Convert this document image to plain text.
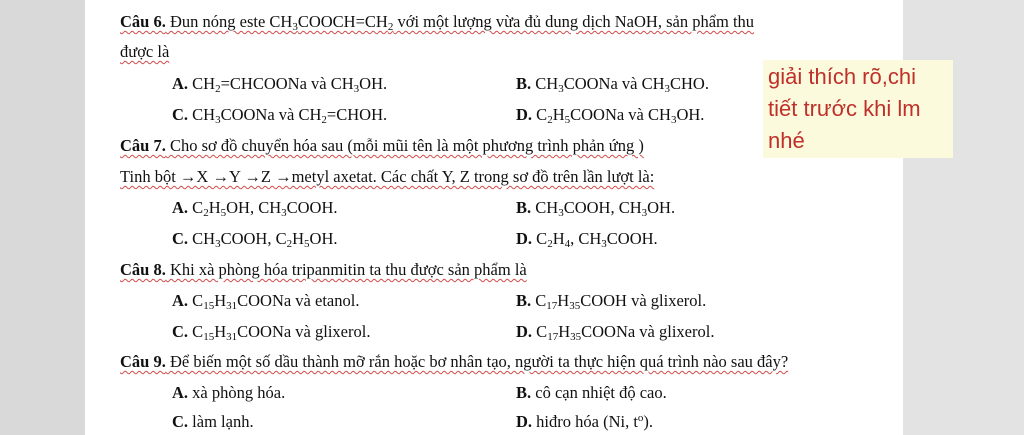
Câu 6. Đun nóng este $CH_3COOCH=CH_2$ với một lượng vừa đủ dung dịch NaOH, sản phẩm thu
được là
A. $CH_2=CHCOONa$ và $CH_3OH$.	B. $CH_3COONa$ và $CH_3CHO$.
C. $CH_3COONa$ và $CH_2=CHOH$.	D. $C_2H_5COONa$ và $CH_3OH$.
Câu 7. Cho sơ đồ chuyển hóa sau (mỗi mũi tên là một phương trình phản ứng )
Tinh bột →X →Y →Z →metyl axetat. Các chất Y, Z trong sơ đồ trên lần lượt là:
A. $C_2H_5OH$, $CH_3COOH$.	B. $CH_3COOH$, $CH_3OH$.
C. $CH_3COOH$, $C_2H_5OH$.	D. $C_2H_4$, $CH_3COOH$.
Câu 8. Khi xà phòng hóa tripanmitin ta thu được sản phẩm là
A. $C_{15}H_{31}COONa$ và etanol.	B. $C_{17}H_{35}COOH$ và glixerol.
C. $C_{15}H_{31}COONa$ và glixerol.	D. $C_{17}H_{35}COONa$ và glixerol.
Câu 9. Để biến một số dầu thành mỡ rắn hoặc bơ nhân tạo, người ta thực hiện quá trình nào sau đây?
A. xà phòng hóa.	B. cô cạn nhiệt độ cao.
C. làm lạnh.	D. hiđro hóa (Ni, $t^o$).
giải thích rõ,chi
tiết trước khi lm
nhé
